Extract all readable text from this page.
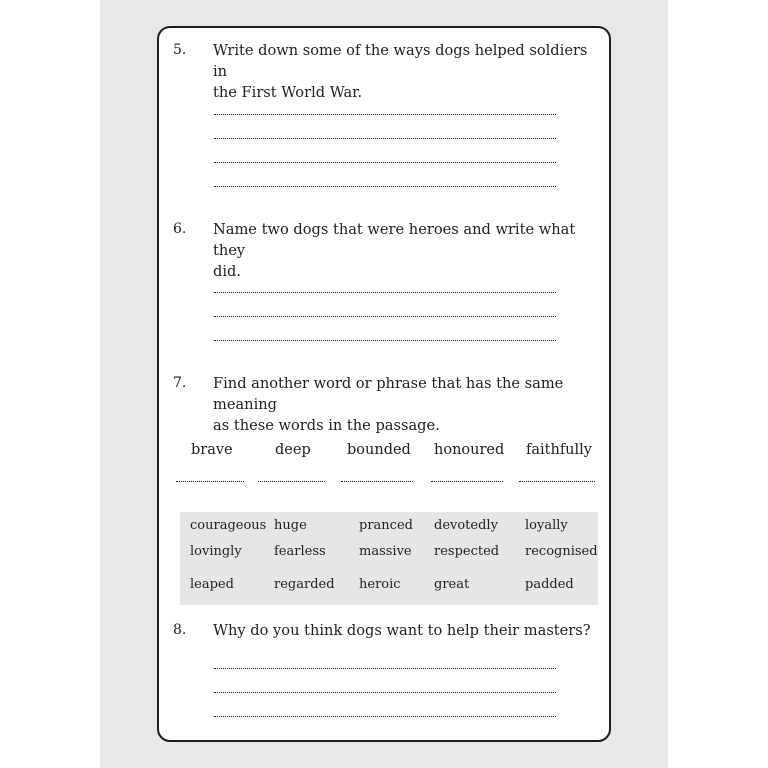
5. Write down some of the ways dogs helped soldiers in
the First World War.
6. Name two dogs that were heroes and write what they
did.
7. Find another word or phrase that has the same meaning
as these words in the passage.
brave	deep	bounded honoured faithfully
courageous huge	pranced devotedly loyally
lovingly fearless	massive respected recognised
leaped	regarded heroic	great	padded
8. Why do you think dogs want to help their masters?
